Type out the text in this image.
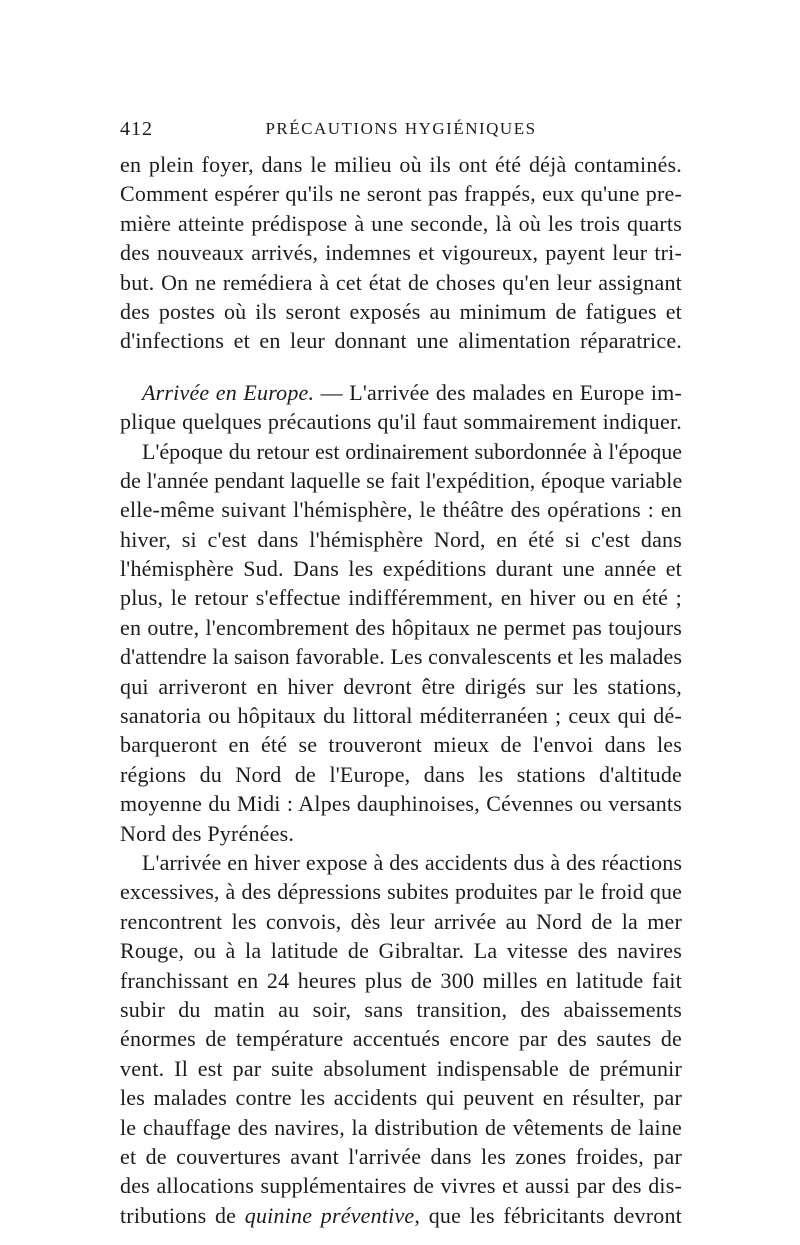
412	PRÉCAUTIONS HYGIÉNIQUES

en plein foyer, dans le milieu où ils ont été déjà contaminés.
Comment espérer qu'ils ne seront pas frappés, eux qu'une pre-
mière atteinte prédispose à une seconde, là où les trois quarts
des nouveaux arrivés, indemnes et vigoureux, payent leur tri-
but. On ne remédiera à cet état de choses qu'en leur assignant
des postes où ils seront exposés au minimum de fatigues et
d'infections et en leur donnant une alimentation réparatrice.

Arrivée en Europe. — L'arrivée des malades en Europe im-
plique quelques précautions qu'il faut sommairement indiquer.

L'époque du retour est ordinairement subordonnée à l'époque
de l'année pendant laquelle se fait l'expédition, époque variable
elle-même suivant l'hémisphère, le théâtre des opérations : en
hiver, si c'est dans l'hémisphère Nord, en été si c'est dans
l'hémisphère Sud. Dans les expéditions durant une année et
plus, le retour s'effectue indifféremment, en hiver ou en été ;
en outre, l'encombrement des hôpitaux ne permet pas toujours
d'attendre la saison favorable. Les convalescents et les malades
qui arriveront en hiver devront être dirigés sur les stations,
sanatoria ou hôpitaux du littoral méditerranéen ; ceux qui dé-
barqueront en été se trouveront mieux de l'envoi dans les
régions du Nord de l'Europe, dans les stations d'altitude
moyenne du Midi : Alpes dauphinoises, Cévennes ou versants
Nord des Pyrénées.

L'arrivée en hiver expose à des accidents dus à des réactions
excessives, à des dépressions subites produites par le froid que
rencontrent les convois, dès leur arrivée au Nord de la mer
Rouge, ou à la latitude de Gibraltar. La vitesse des navires
franchissant en 24 heures plus de 300 milles en latitude fait
subir du matin au soir, sans transition, des abaissements
énormes de température accentués encore par des sautes de
vent. Il est par suite absolument indispensable de prémunir
les malades contre les accidents qui peuvent en résulter, par
le chauffage des navires, la distribution de vêtements de laine
et de couvertures avant l'arrivée dans les zones froides, par
des allocations supplémentaires de vivres et aussi par des dis-
tributions de quinine préventive, que les fébricitants devront
